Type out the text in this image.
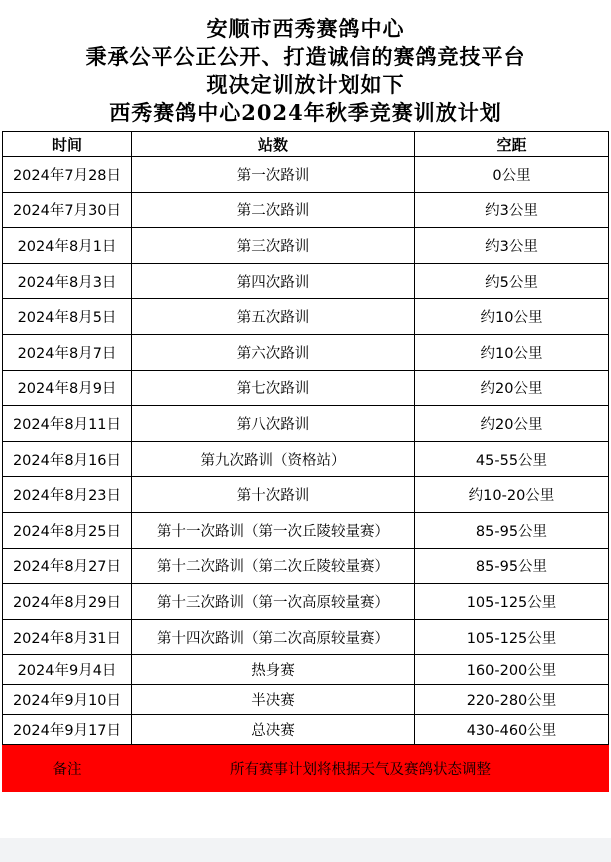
安顺市西秀赛鸽中心
秉承公平公正公开、打造诚信的赛鸽竞技平台
现决定训放计划如下
西秀赛鸽中心2024年秋季竞赛训放计划
时间	站数	空距
2024年7月28日	第一次路训	0公里
2024年7月30日	第二次路训	约3公里
2024年8月1日	第三次路训	约3公里
2024年8月3日	第四次路训	约5公里
2024年8月5日	第五次路训	约10公里
2024年8月7日	第六次路训	约10公里
2024年8月9日	第七次路训	约20公里
2024年8月11日	第八次路训	约20公里
2024年8月16日	第九次路训（资格站）	45-55公里
2024年8月23日	第十次路训	约10-20公里
2024年8月25日	第十一次路训（第一次丘陵较量赛）	85-95公里
2024年8月27日	第十二次路训（第二次丘陵较量赛）	85-95公里
2024年8月29日	第十三次路训（第一次高原较量赛）	105-125公里
2024年8月31日	第十四次路训（第二次高原较量赛）	105-125公里
2024年9月4日	热身赛	160-200公里
2024年9月10日	半决赛	220-280公里
2024年9月17日	总决赛	430-460公里
备注	所有赛事计划将根据天气及赛鸽状态调整	
